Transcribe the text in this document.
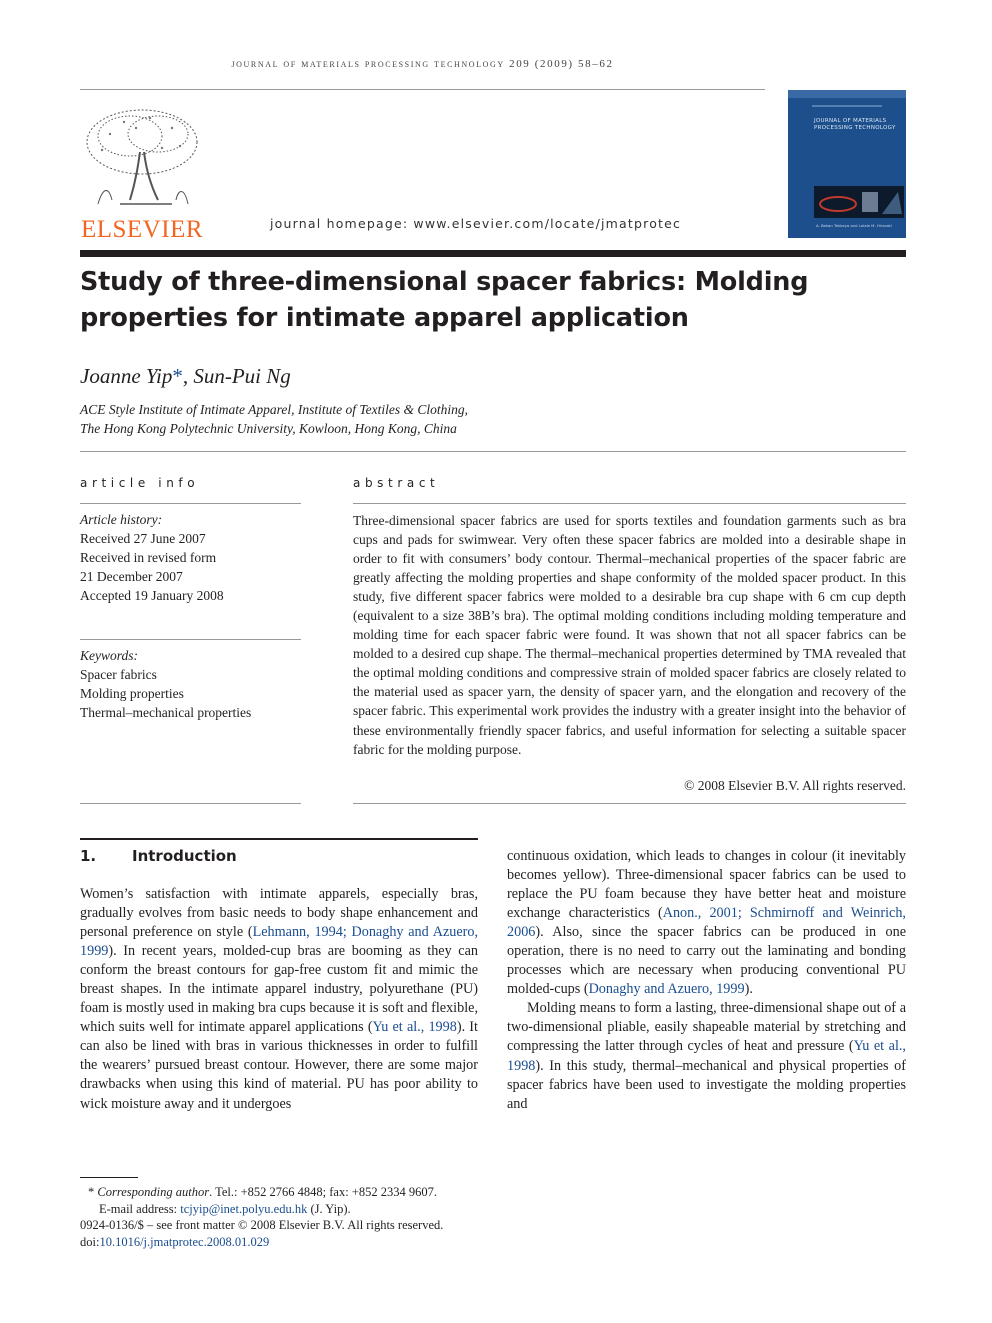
journal of materials processing technology 209 (2009) 58–62
ELSEVIER	journal homepage: www.elsevier.com/locate/jmatprotec
JOURNAL OF MATERIALS PROCESSING TECHNOLOGY
A. Bekan Tekkaya and Lalaie M. Hiravati
Study of three-dimensional spacer fabrics: Molding properties for intimate apparel application
Joanne Yip*, Sun-Pui Ng
ACE Style Institute of Intimate Apparel, Institute of Textiles & Clothing,
The Hong Kong Polytechnic University, Kowloon, Hong Kong, China
article info
Article history:
Received 27 June 2007
Received in revised form
21 December 2007
Accepted 19 January 2008
Keywords:
Spacer fabrics
Molding properties
Thermal–mechanical properties
abstract
Three-dimensional spacer fabrics are used for sports textiles and foundation garments such as bra cups and pads for swimwear. Very often these spacer fabrics are molded into a desirable shape in order to fit with consumers’ body contour. Thermal–mechanical properties of the spacer fabric are greatly affecting the molding properties and shape conformity of the molded spacer product. In this study, five different spacer fabrics were molded to a desirable bra cup shape with 6 cm cup depth (equivalent to a size 38B’s bra). The optimal molding conditions including molding temperature and molding time for each spacer fabric were found. It was shown that not all spacer fabrics can be molded to a desired cup shape. The thermal–mechanical properties determined by TMA revealed that the optimal molding conditions and compressive strain of molded spacer fabrics are closely related to the material used as spacer yarn, the density of spacer yarn, and the elongation and recovery of the spacer fabric. This experimental work provides the industry with a greater insight into the behavior of these environmentally friendly spacer fabrics, and useful information for selecting a suitable spacer fabric for the molding purpose.
© 2008 Elsevier B.V. All rights reserved.
1. Introduction

Women’s satisfaction with intimate apparels, especially bras, gradually evolves from basic needs to body shape enhancement and personal preference on style (Lehmann, 1994; Donaghy and Azuero, 1999). In recent years, molded-cup bras are booming as they can conform the breast contours for gap-free custom fit and mimic the breast shapes. In the intimate apparel industry, polyurethane (PU) foam is mostly used in making bra cups because it is soft and flexible, which suits well for intimate apparel applications (Yu et al., 1998). It can also be lined with bras in various thicknesses in order to fulfill the wearers’ pursued breast contour. However, there are some major drawbacks when using this kind of material. PU has poor ability to wick moisture away and it undergoes

continuous oxidation, which leads to changes in colour (it inevitably becomes yellow). Three-dimensional spacer fabrics can be used to replace the PU foam because they have better heat and moisture exchange characteristics (Anon., 2001; Schmirnoff and Weinrich, 2006). Also, since the spacer fabrics can be produced in one operation, there is no need to carry out the laminating and bonding processes which are necessary when producing conventional PU molded-cups (Donaghy and Azuero, 1999).

Molding means to form a lasting, three-dimensional shape out of a two-dimensional pliable, easily shapeable material by stretching and compressing the latter through cycles of heat and pressure (Yu et al., 1998). In this study, thermal–mechanical and physical properties of spacer fabrics have been used to investigate the molding properties and

* Corresponding author. Tel.: +852 2766 4848; fax: +852 2334 9607.
E-mail address: tcjyip@inet.polyu.edu.hk (J. Yip).
0924-0136/$ – see front matter © 2008 Elsevier B.V. All rights reserved.
doi:10.1016/j.jmatprotec.2008.01.029
